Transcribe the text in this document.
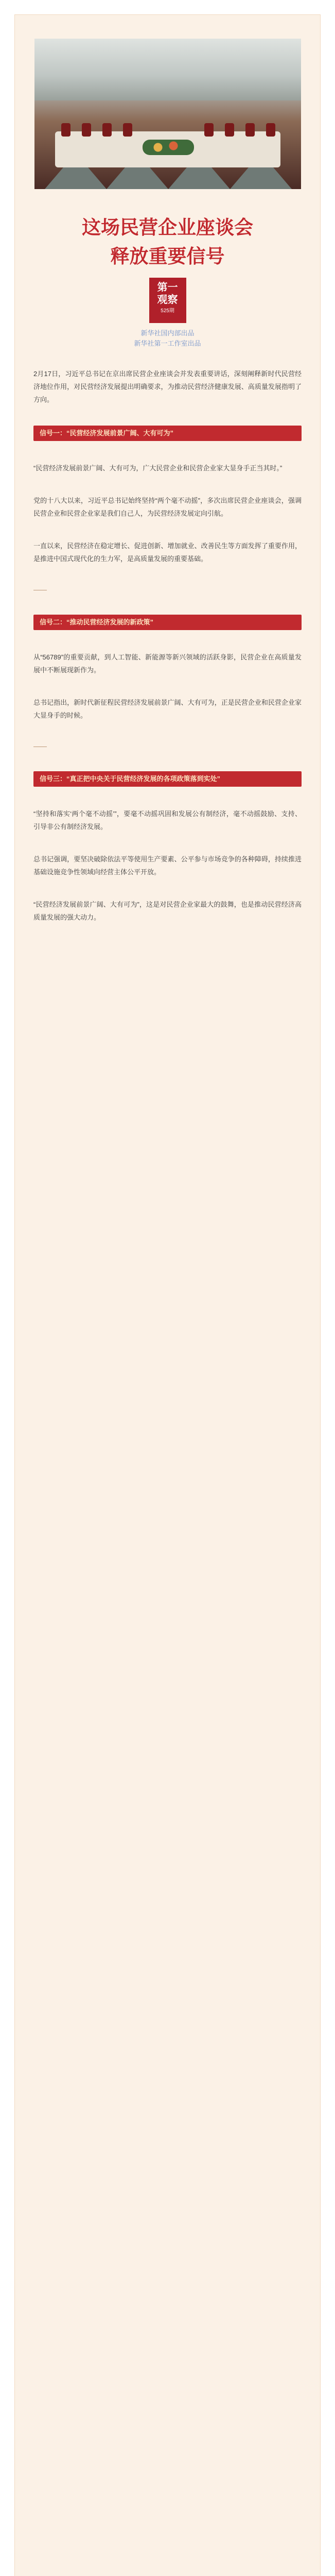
这场民营企业座谈会
释放重要信号
第一
观察
525期
新华社国内部出品
新华社第一工作室出品

2月17日，习近平总书记在京出席民营企业座谈会并发表重要讲话，深刻阐释新时代民营经济地位作用，对民营经济发展提出明确要求，为推动民营经济健康发展、高质量发展指明了方向。

信号一：“民营经济发展前景广阔、大有可为”

“民营经济发展前景广阔、大有可为，广大民营企业和民营企业家大显身手正当其时。”

党的十八大以来，习近平总书记始终坚持“两个毫不动摇”，多次出席民营企业座谈会，强调民营企业和民营企业家是我们自己人，为民营经济发展定向引航。

一直以来，民营经济在稳定增长、促进创新、增加就业、改善民生等方面发挥了重要作用，是推进中国式现代化的生力军，是高质量发展的重要基础。

——

信号二：“推动民营经济发展的新政策”

从“56789”的重要贡献，到人工智能、新能源等新兴领域的活跃身影，民营企业在高质量发展中不断展现新作为。

总书记指出，新时代新征程民营经济发展前景广阔、大有可为，正是民营企业和民营企业家大显身手的时候。

——

信号三：“真正把中央关于民营经济发展的各项政策落到实处”

“坚持和落实‘两个毫不动摇’”，要毫不动摇巩固和发展公有制经济，毫不动摇鼓励、支持、引导非公有制经济发展。

总书记强调，要坚决破除依法平等使用生产要素、公平参与市场竞争的各种障碍，持续推进基础设施竞争性领域向经营主体公平开放。

“民营经济发展前景广阔、大有可为”，这是对民营企业家最大的鼓舞，也是推动民营经济高质量发展的强大动力。
